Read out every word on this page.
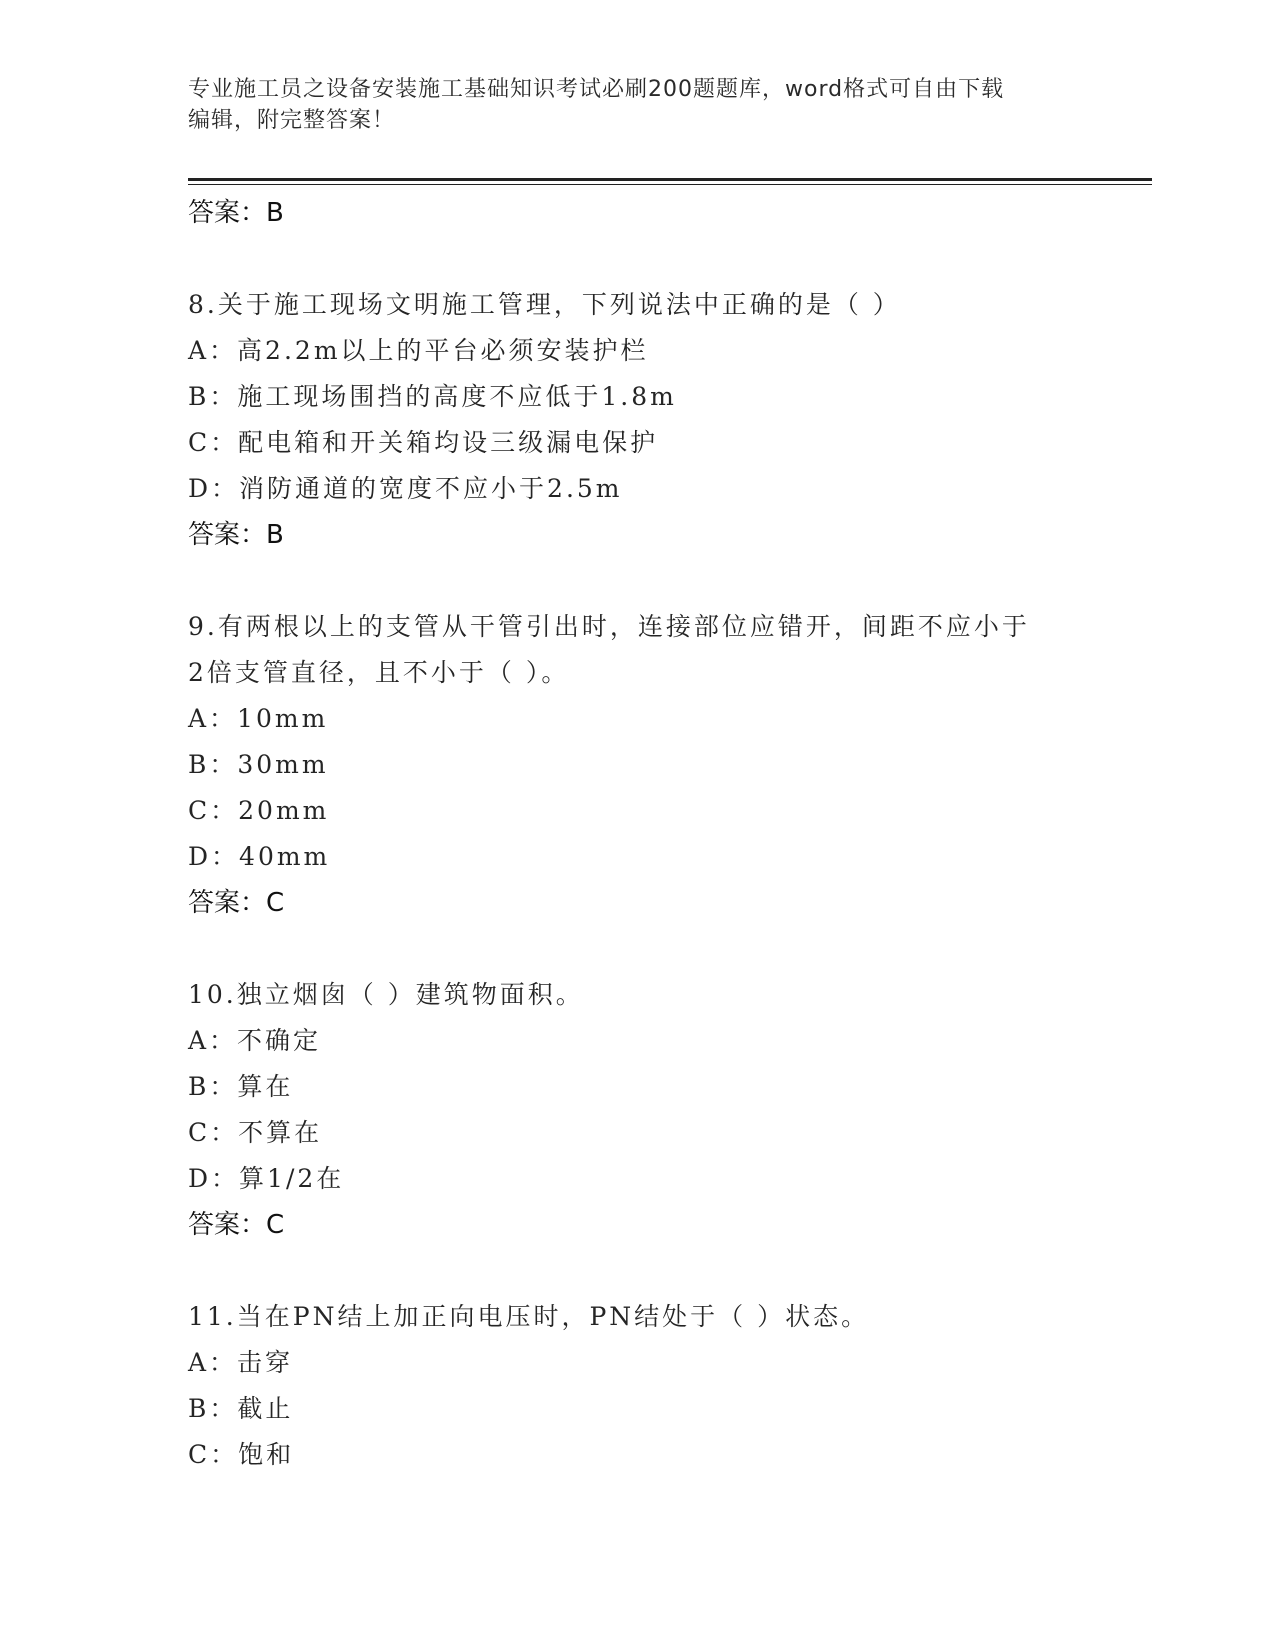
专业施工员之设备安装施工基础知识考试必刷200题题库，word格式可自由下载
编辑，附完整答案！
答案：B
8.关于施工现场文明施工管理，下列说法中正确的是（ ）
A：高2.2m以上的平台必须安装护栏
B：施工现场围挡的高度不应低于1.8m
C：配电箱和开关箱均设三级漏电保护
D：消防通道的宽度不应小于2.5m
答案：B
9.有两根以上的支管从干管引出时，连接部位应错开，间距不应小于
2倍支管直径，且不小于（ ）。
A：10mm
B：30mm
C：20mm
D：40mm
答案：C
10.独立烟囱（ ）建筑物面积。
A：不确定
B：算在
C：不算在
D：算1/2在
答案：C
11.当在PN结上加正向电压时，PN结处于（ ）状态。
A：击穿
B：截止
C：饱和
